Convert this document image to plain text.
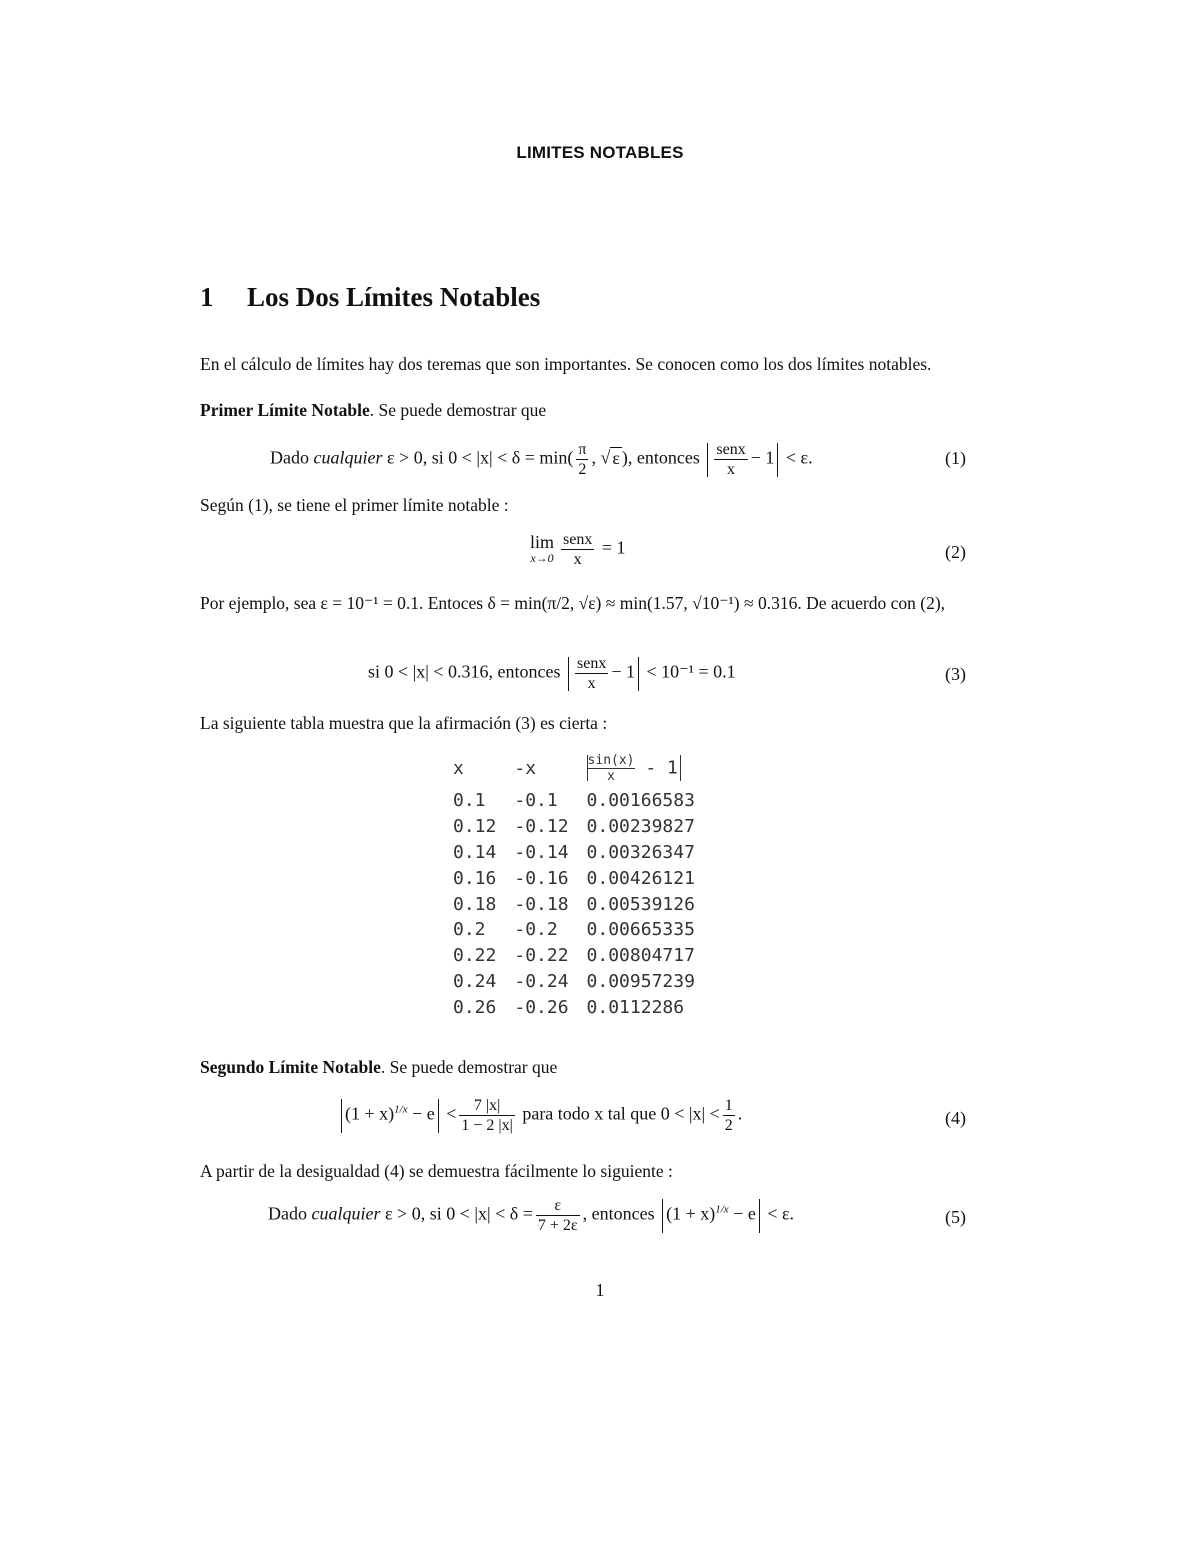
LIMITES NOTABLES
1 Los Dos Límites Notables
En el cálculo de límites hay dos teremas que son importantes. Se conocen como los dos límites notables.
Primer Límite Notable. Se puede demostrar que
Dado cualquier ε > 0, si $0 < |x| < \delta = \min( \frac{\pi}{2}$ , √ ε ), entonces $\frac{\text{senx}}{x} - 1 < \varepsilon$.	(1)
Según (1), se tiene el primer límite notable :
lim
$x\to 0 \frac{\text{senx}}{x} = 1$	(2)
Por ejemplo, sea ε = 10⁻¹ = 0.1. Entoces δ = min(π/2, √ε) ≈ min(1.57, √10⁻¹) ≈ 0.316. De acuerdo con (2),
si 0 < |x| < 0.316, entonces $\frac{\text{senx}}{x} - 1 < 10^{-1} = 0.1$	(3)
La siguiente tabla muestra que la afirmación (3) es cierta :
x	-x	$\frac{\sin(x)}{x} - 1$
0.1	-0.1	0.00166583
0.12	-0.12	0.00239827
0.14	-0.14	0.00326347
0.16	-0.16	0.00426121
0.18	-0.18	0.00539126
0.2	-0.2	0.00665335
0.22	-0.22	0.00804717
0.24	-0.24	0.00957239
0.26	-0.26	0.0112286
Segundo Límite Notable. Se puede demostrar que
$(1 + x)^{1/x} - e < \frac{7 |x|}{1 - 2 |x|}$ para todo x tal que $0 < |x| < \frac{1}{2}$ .	(4)
A partir de la desigualdad (4) se demuestra fácilmente lo siguiente :
Dado cualquier ε > 0, si $0 < |x| < \delta = \frac{\varepsilon}{7 + 2\varepsilon}$ , entonces $(1 + x)^{1/x} - e < \varepsilon$.	(5)
1
